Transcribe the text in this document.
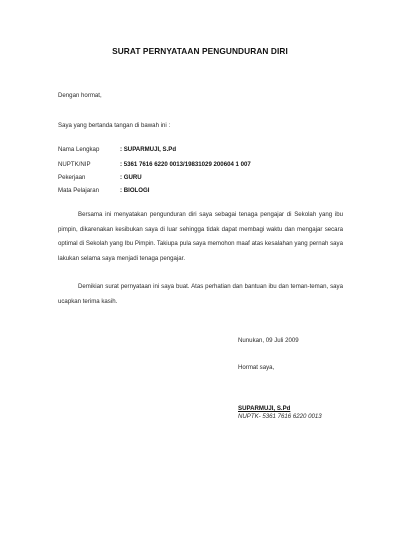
SURAT PERNYATAAN PENGUNDURAN DIRI
Dengan hormat,
Saya yang bertanda tangan di bawah ini :
Nama Lengkap	: SUPARMUJI, S.Pd
NUPTK/NIP	: 5361 7616 6220 0013/19831029 200604 1 007
Pekerjaan	: GURU
Mata Pelajaran	: BIOLOGI
Bersama ini menyatakan pengunduran diri saya sebagai tenaga pengajar di Sekolah yang ibu pimpin, dikarenakan kesibukan saya di luar sehingga tidak dapat membagi waktu dan mengajar secara optimal di Sekolah yang Ibu Pimpin. Takiupa pula saya memohon maaf atas kesalahan yang pernah saya lakukan selama saya menjadi tenaga pengajar.
Demikian surat pernyataan ini saya buat. Atas perhatian dan bantuan ibu dan teman-teman, saya ucapkan terima kasih.
Nunukan, 09 Juli 2009
Hormat saya,
SUPARMUJI, S.Pd
NUPTK- 5361 7616 6220 0013
